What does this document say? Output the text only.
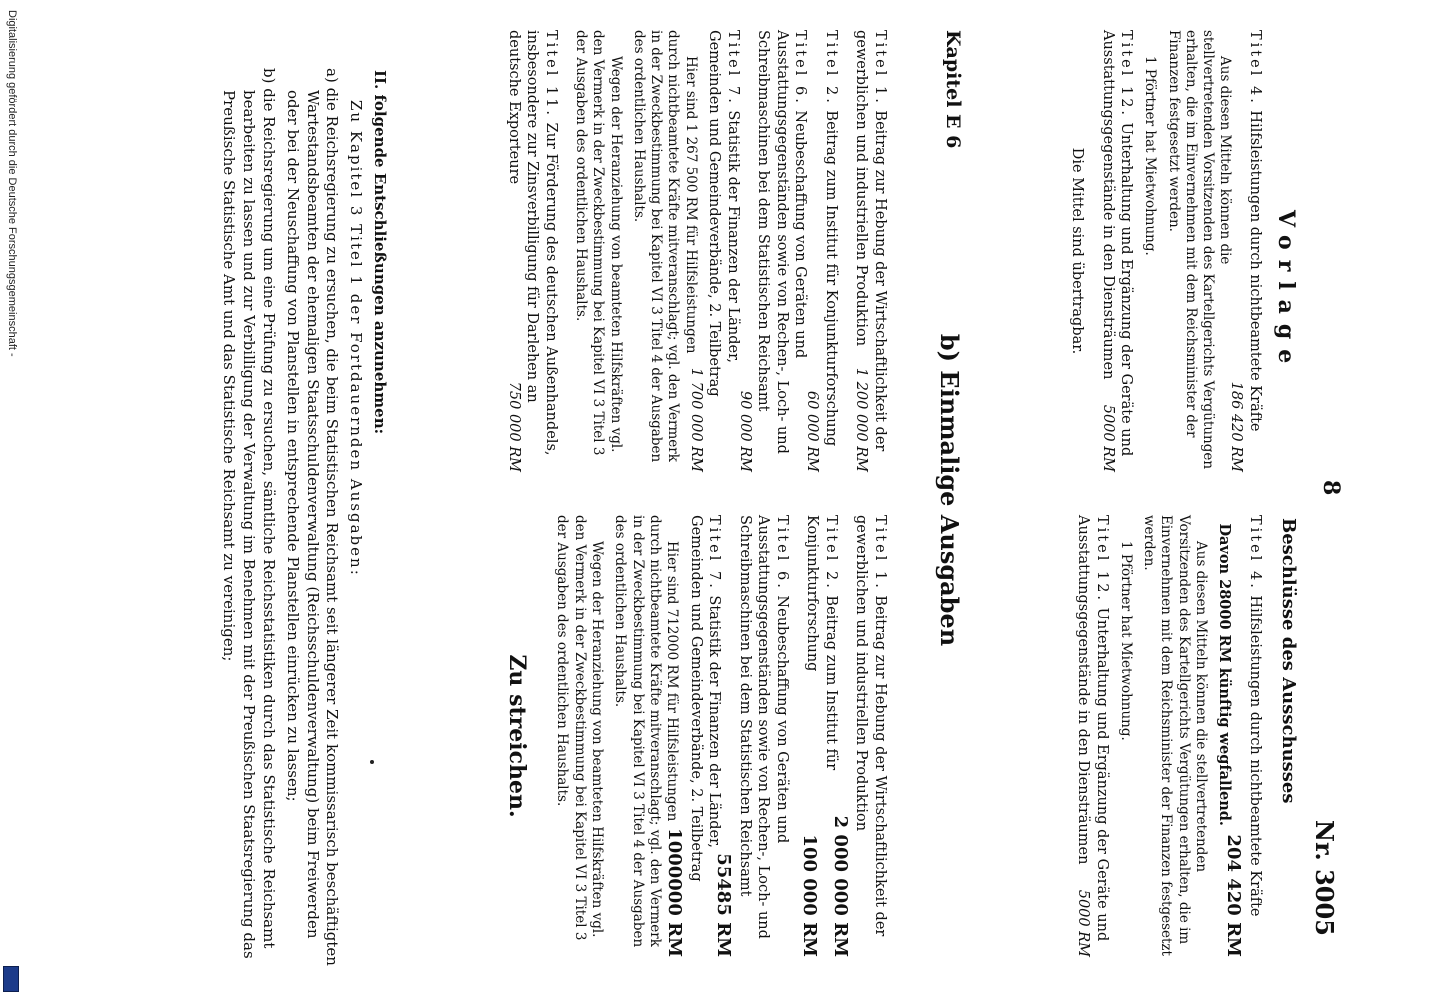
Digitalisierung gefördert durch die Deutsche Forschungsgemeinschaft -	Vorlage
8
Nr. 3005
Beschlüsse des Ausschusses

Titel 4. Hilfsleistungen durch nichtbeamtete Kräfte
186 420 RM

Aus diesen Mitteln können die stellvertretenden Vorsitzenden des Kartellgerichts Vergütungen erhalten, die im Einvernehmen mit dem Reichsminister der Finanzen festgesetzt werden.

1 Pförtner hat Mietwohnung.

Titel 12. Unterhaltung und Ergänzung der Geräte und Ausstattungsgegenstände in den Diensträumen
5000 RM

Die Mittel sind übertragbar.

Titel 4. Hilfsleistungen durch nichtbeamtete Kräfte
204 420 RM

Davon 28000 RM künftig wegfallend.

Aus diesen Mitteln können die stellvertretenden Vorsitzenden des Kartellgerichts Vergütungen erhalten, die im Einvernehmen mit dem Reichsminister der Finanzen festgesetzt werden.

1 Pförtner hat Mietwohnung.

Titel 12. Unterhaltung und Ergänzung der Geräte und Ausstattungsgegenstände in den Diensträumen
5000 RM

Kapitel E 6
b) Einmalige Ausgaben

Titel 1. Beitrag zur Hebung der Wirtschaftlichkeit der gewerblichen und industriellen Produktion
1 200 000 RM

Titel 2. Beitrag zum Institut für Konjunkturforschung
60 000 RM

Titel 6. Neubeschaffung von Geräten und Ausstattungsgegenständen sowie von Rechen-, Loch- und Schreibmaschinen bei dem Statistischen Reichsamt
90 000 RM

Titel 7. Statistik der Finanzen der Länder, Gemeinden und Gemeindeverbände, 2. Teilbetrag
1 700 000 RM

Hier sind 1 267 500 RM für Hilfsleistungen durch nichtbeamtete Kräfte mitveranschlagt; vgl. den Vermerk in der Zweckbestimmung bei Kapitel VI 3 Titel 4 der Ausgaben des ordentlichen Haushalts.

Wegen der Heranziehung von beamteten Hilfskräften vgl. den Vermerk in der Zweckbestimmung bei Kapitel VI 3 Titel 3 der Ausgaben des ordentlichen Haushalts.

Titel 11. Zur Förderung des deutschen Außenhandels, insbesondere zur Zinsverbilligung für Darlehen an deutsche Exporteure
750 000 RM

Titel 1. Beitrag zur Hebung der Wirtschaftlichkeit der gewerblichen und industriellen Produktion
2 000 000 RM

Titel 2. Beitrag zum Institut für Konjunkturforschung
100 000 RM

Titel 6. Neubeschaffung von Geräten und Ausstattungsgegenständen sowie von Rechen-, Loch- und Schreibmaschinen bei dem Statistischen Reichsamt
55485 RM

Titel 7. Statistik der Finanzen der Länder, Gemeinden und Gemeindeverbände, 2. Teilbetrag
1000000 RM

Hier sind 712000 RM für Hilfsleistungen durch nichtbeamtete Kräfte mitveranschlagt; vgl. den Vermerk in der Zweckbestimmung bei Kapitel VI 3 Titel 4 der Ausgaben des ordentlichen Haushalts.

Wegen der Heranziehung von beamteten Hilfskräften vgl. den Vermerk in der Zweckbestimmung bei Kapitel VI 3 Titel 3 der Ausgaben des ordentlichen Haushalts.

Zu streichen.

II. folgende Entschließungen anzunehmen:

Zu Kapitel 3 Titel 1 der Fortdauernden Ausgaben:

a) die Reichsregierung zu ersuchen, die beim Statistischen Reichsamt seit längerer Zeit kommissarisch beschäftigten Wartestandsbeamten der ehemaligen Staatsschuldenverwaltung (Reichsschuldenverwaltung) beim Freiwerden oder bei der Neuschaffung von Planstellen in entsprechende Planstellen einrücken zu lassen;

b) die Reichsregierung um eine Prüfung zu ersuchen, sämtliche Reichsstatistiken durch das Statistische Reichsamt bearbeiten zu lassen und zur Verbilligung der Verwaltung im Benehmen mit der Preußischen Staatsregierung das Preußische Statistische Amt und das Statistische Reichsamt zu vereinigen;
